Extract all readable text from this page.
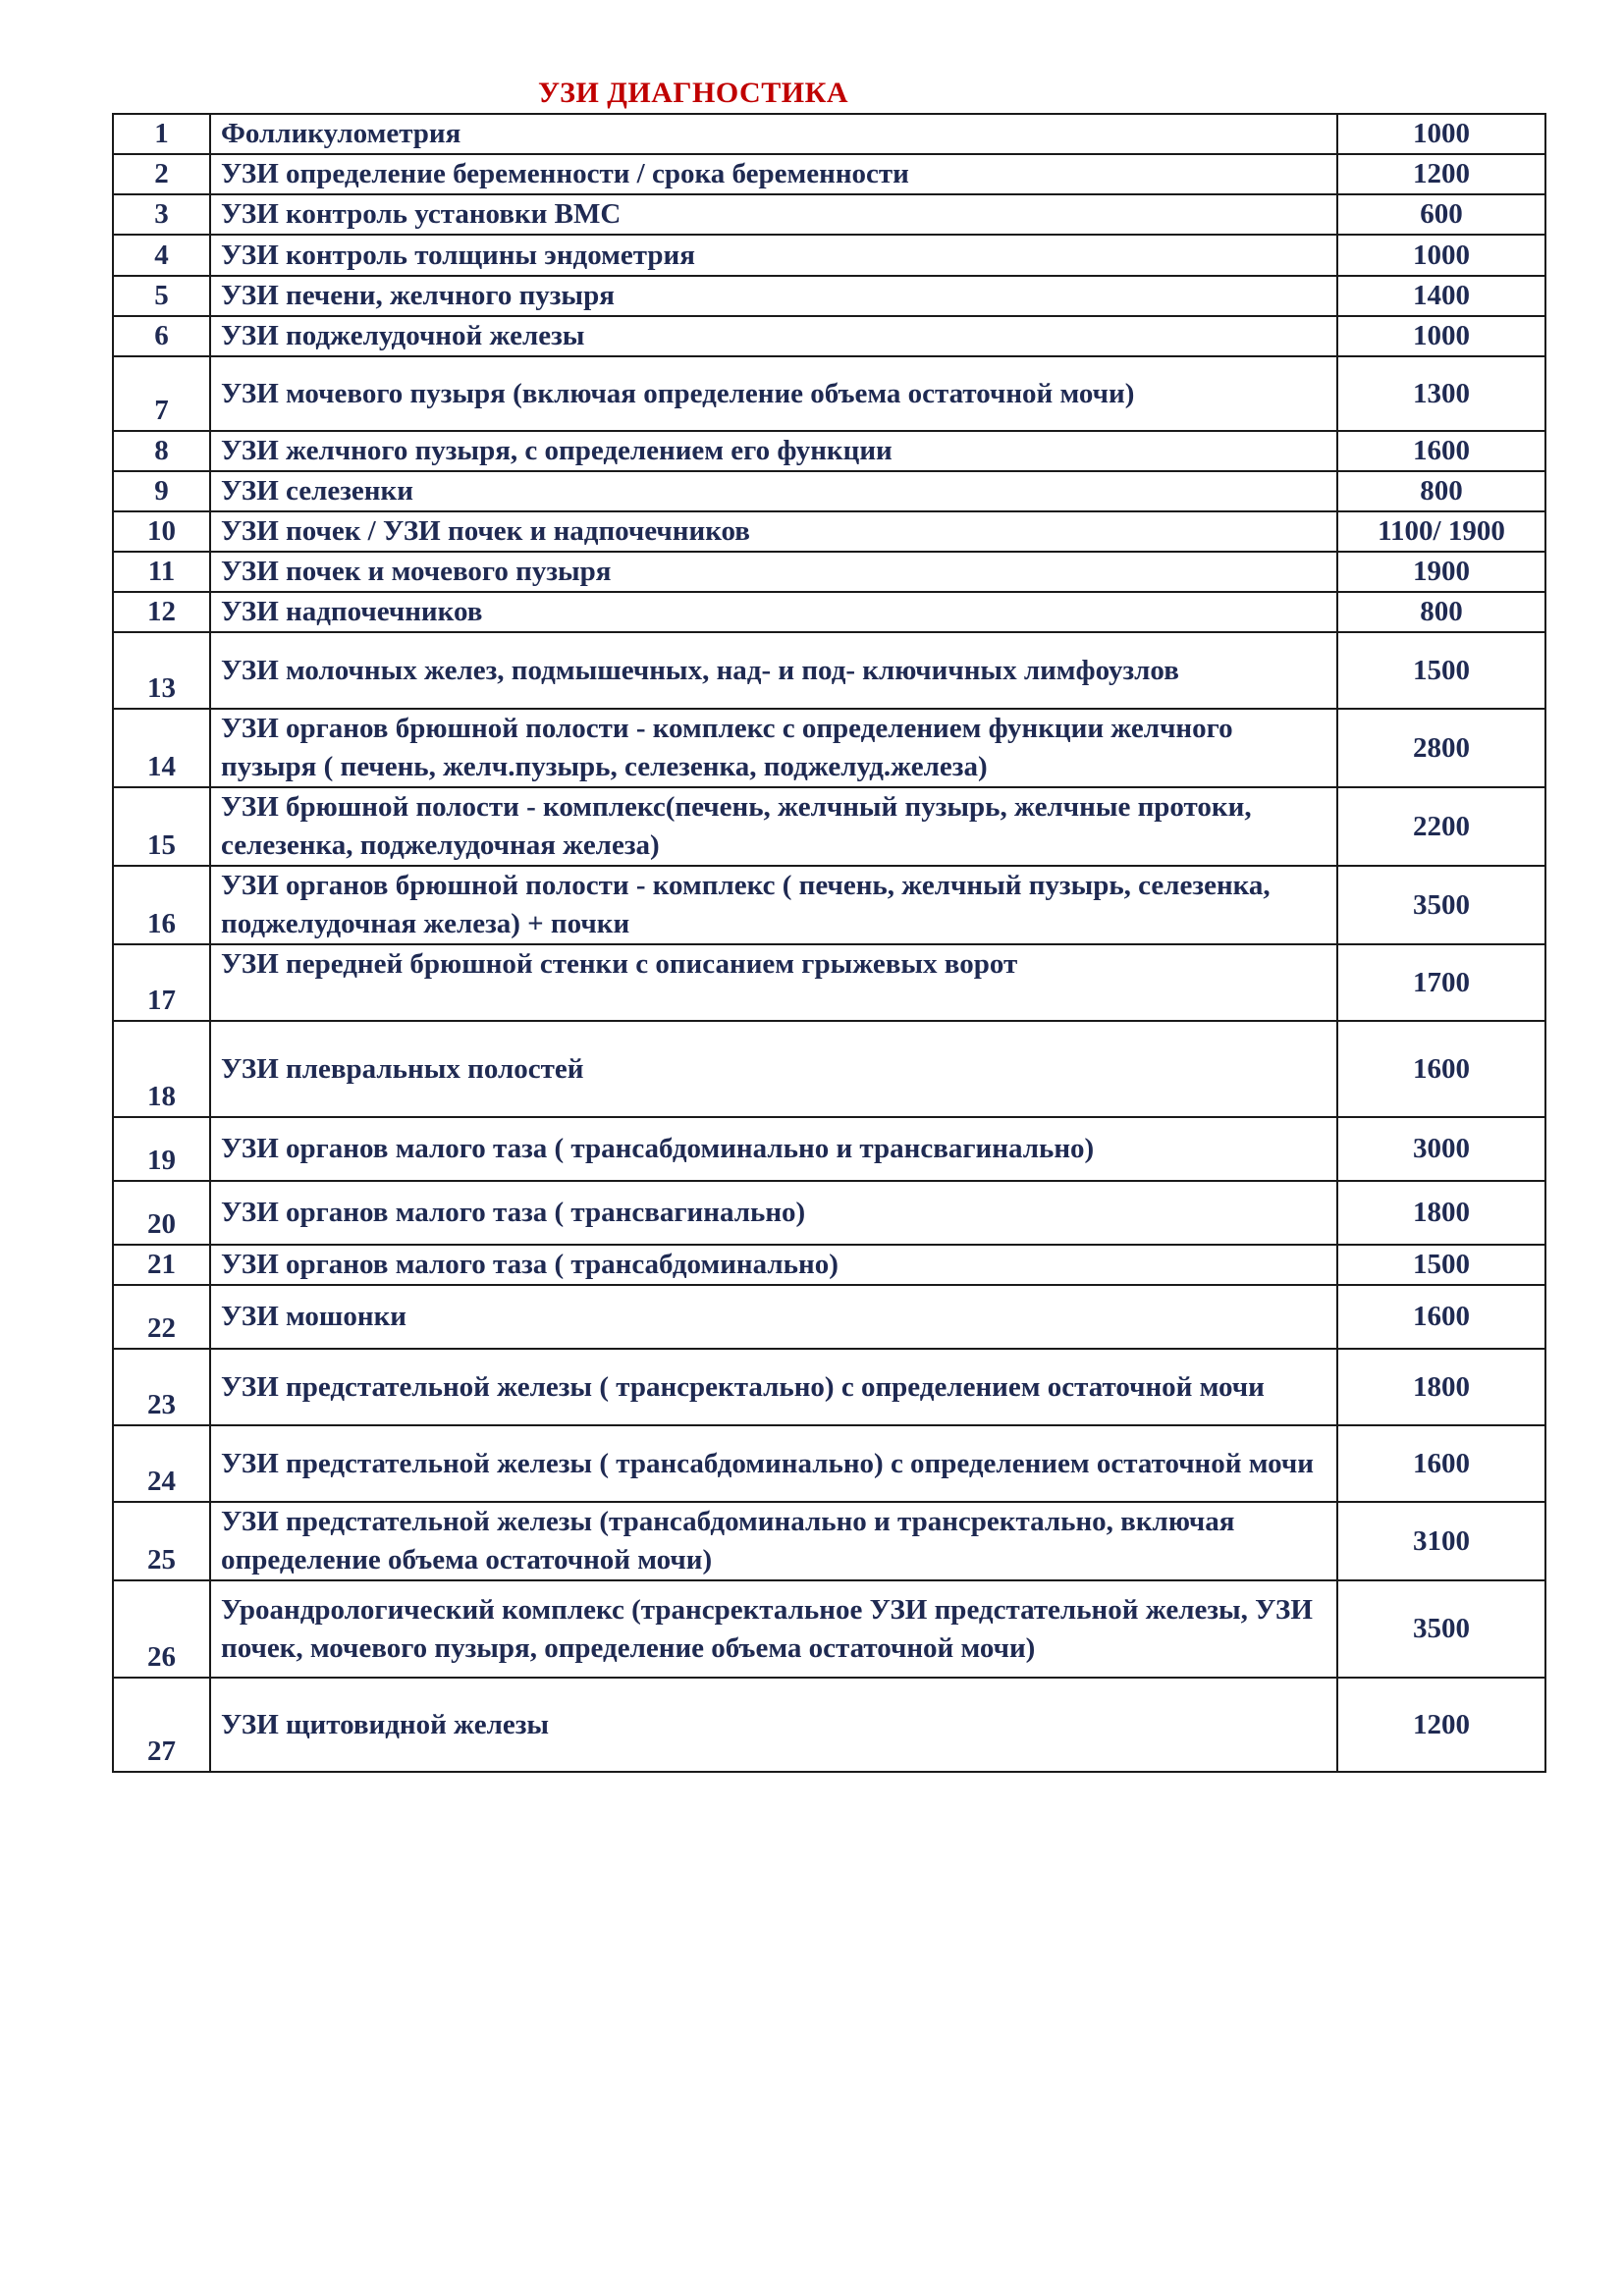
УЗИ ДИАГНОСТИКА
1	Фолликулометрия	1000
2	УЗИ определение беременности / срока беременности	1200
3	УЗИ контроль установки ВМС	600
4	УЗИ контроль толщины эндометрия	1000
5	УЗИ печени, желчного пузыря	1400
6	УЗИ поджелудочной железы	1000
7	УЗИ мочевого пузыря (включая определение объема остаточной мочи)	1300
8	УЗИ желчного пузыря, с определением его функции	1600
9	УЗИ селезенки	800
10	УЗИ почек / УЗИ почек и надпочечников	1100/ 1900
11	УЗИ почек и мочевого пузыря	1900
12	УЗИ надпочечников	800
13	УЗИ молочных желез, подмышечных, над- и под- ключичных лимфоузлов	1500
14	УЗИ органов брюшной полости - комплекс с определением функции желчного пузыря ( печень, желч.пузырь, селезенка, поджелуд.железа)	2800
15	УЗИ брюшной полости - комплекс(печень, желчный пузырь, желчные протоки, селезенка, поджелудочная железа)	2200
16	УЗИ органов брюшной полости - комплекс ( печень, желчный пузырь, селезенка, поджелудочная железа) + почки	3500
17	УЗИ передней брюшной стенки с описанием грыжевых ворот	1700
18	УЗИ плевральных полостей	1600
19	УЗИ органов малого таза ( трансабдоминально и трансвагинально)	3000
20	УЗИ органов малого таза ( трансвагинально)	1800
21	УЗИ органов малого таза ( трансабдоминально)	1500
22	УЗИ мошонки	1600
23	УЗИ предстательной железы ( трансректально) с определением остаточной мочи	1800
24	УЗИ предстательной железы ( трансабдоминально) с определением остаточной мочи	1600
25	УЗИ предстательной железы (трансабдоминально и трансректально, включая определение объема остаточной мочи)	3100
26	Уроандрологический комплекс (трансректальное УЗИ предстательной железы, УЗИ почек, мочевого пузыря, определение объема остаточной мочи)	3500
27	УЗИ щитовидной железы	1200
